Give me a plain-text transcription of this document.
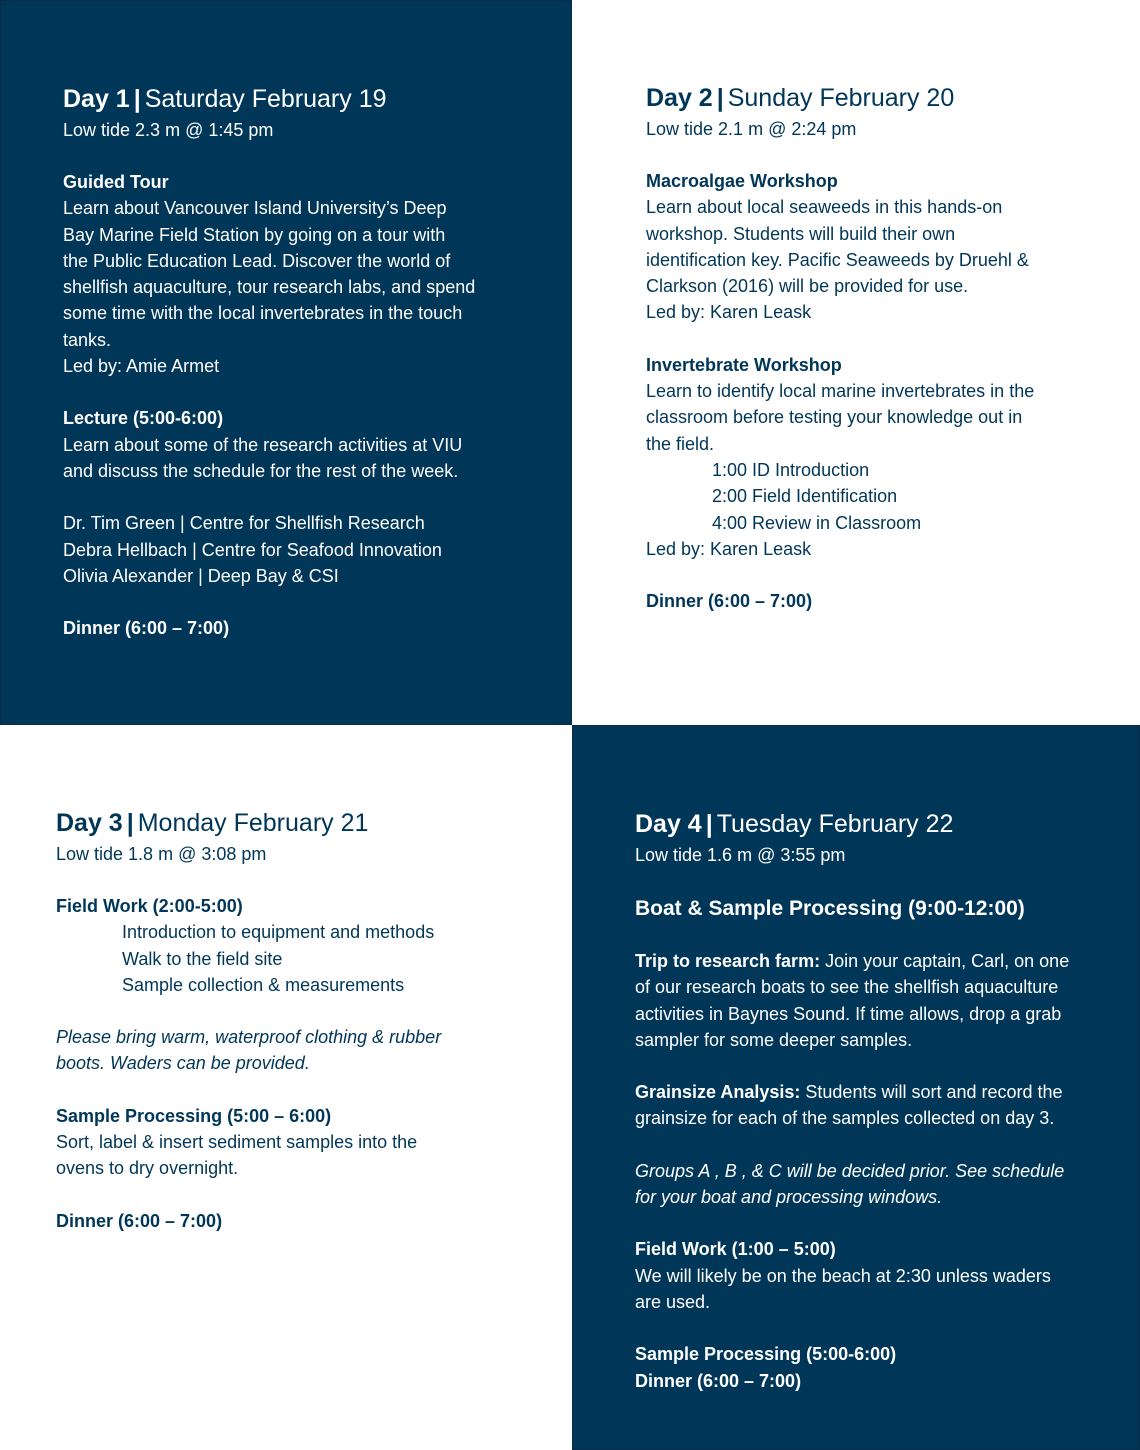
Day 1 | Saturday February 19
Low tide 2.3 m @ 1:45 pm
Guided Tour
Learn about Vancouver Island University’s Deep
Bay Marine Field Station by going on a tour with
the Public Education Lead. Discover the world of
shellfish aquaculture, tour research labs, and spend
some time with the local invertebrates in the touch
tanks.
Led by: Amie Armet
Lecture (5:00-6:00)
Learn about some of the research activities at VIU
and discuss the schedule for the rest of the week.
Dr. Tim Green | Centre for Shellfish Research
Debra Hellbach | Centre for Seafood Innovation
Olivia Alexander | Deep Bay & CSI
Dinner (6:00 – 7:00)
Day 2 | Sunday February 20
Low tide 2.1 m @ 2:24 pm
Macroalgae Workshop
Learn about local seaweeds in this hands-on
workshop. Students will build their own
identification key. Pacific Seaweeds by Druehl &
Clarkson (2016) will be provided for use.
Led by: Karen Leask
Invertebrate Workshop
Learn to identify local marine invertebrates in the
classroom before testing your knowledge out in
the field.
1:00 ID Introduction
2:00 Field Identification
4:00 Review in Classroom
Led by: Karen Leask
Dinner (6:00 – 7:00)
Day 3 | Monday February 21
Low tide 1.8 m @ 3:08 pm
Field Work (2:00-5:00)
Introduction to equipment and methods
Walk to the field site
Sample collection & measurements
Please bring warm, waterproof clothing & rubber
boots. Waders can be provided.
Sample Processing (5:00 – 6:00)
Sort, label & insert sediment samples into the
ovens to dry overnight.
Dinner (6:00 – 7:00)
Day 4 | Tuesday February 22
Low tide 1.6 m @ 3:55 pm
Boat & Sample Processing (9:00-12:00)
Trip to research farm: Join your captain, Carl, on one
of our research boats to see the shellfish aquaculture
activities in Baynes Sound. If time allows, drop a grab
sampler for some deeper samples.
Grainsize Analysis: Students will sort and record the
grainsize for each of the samples collected on day 3.
Groups A , B , & C will be decided prior. See schedule
for your boat and processing windows.
Field Work (1:00 – 5:00)
We will likely be on the beach at 2:30 unless waders
are used.
Sample Processing (5:00-6:00)
Dinner (6:00 – 7:00)
